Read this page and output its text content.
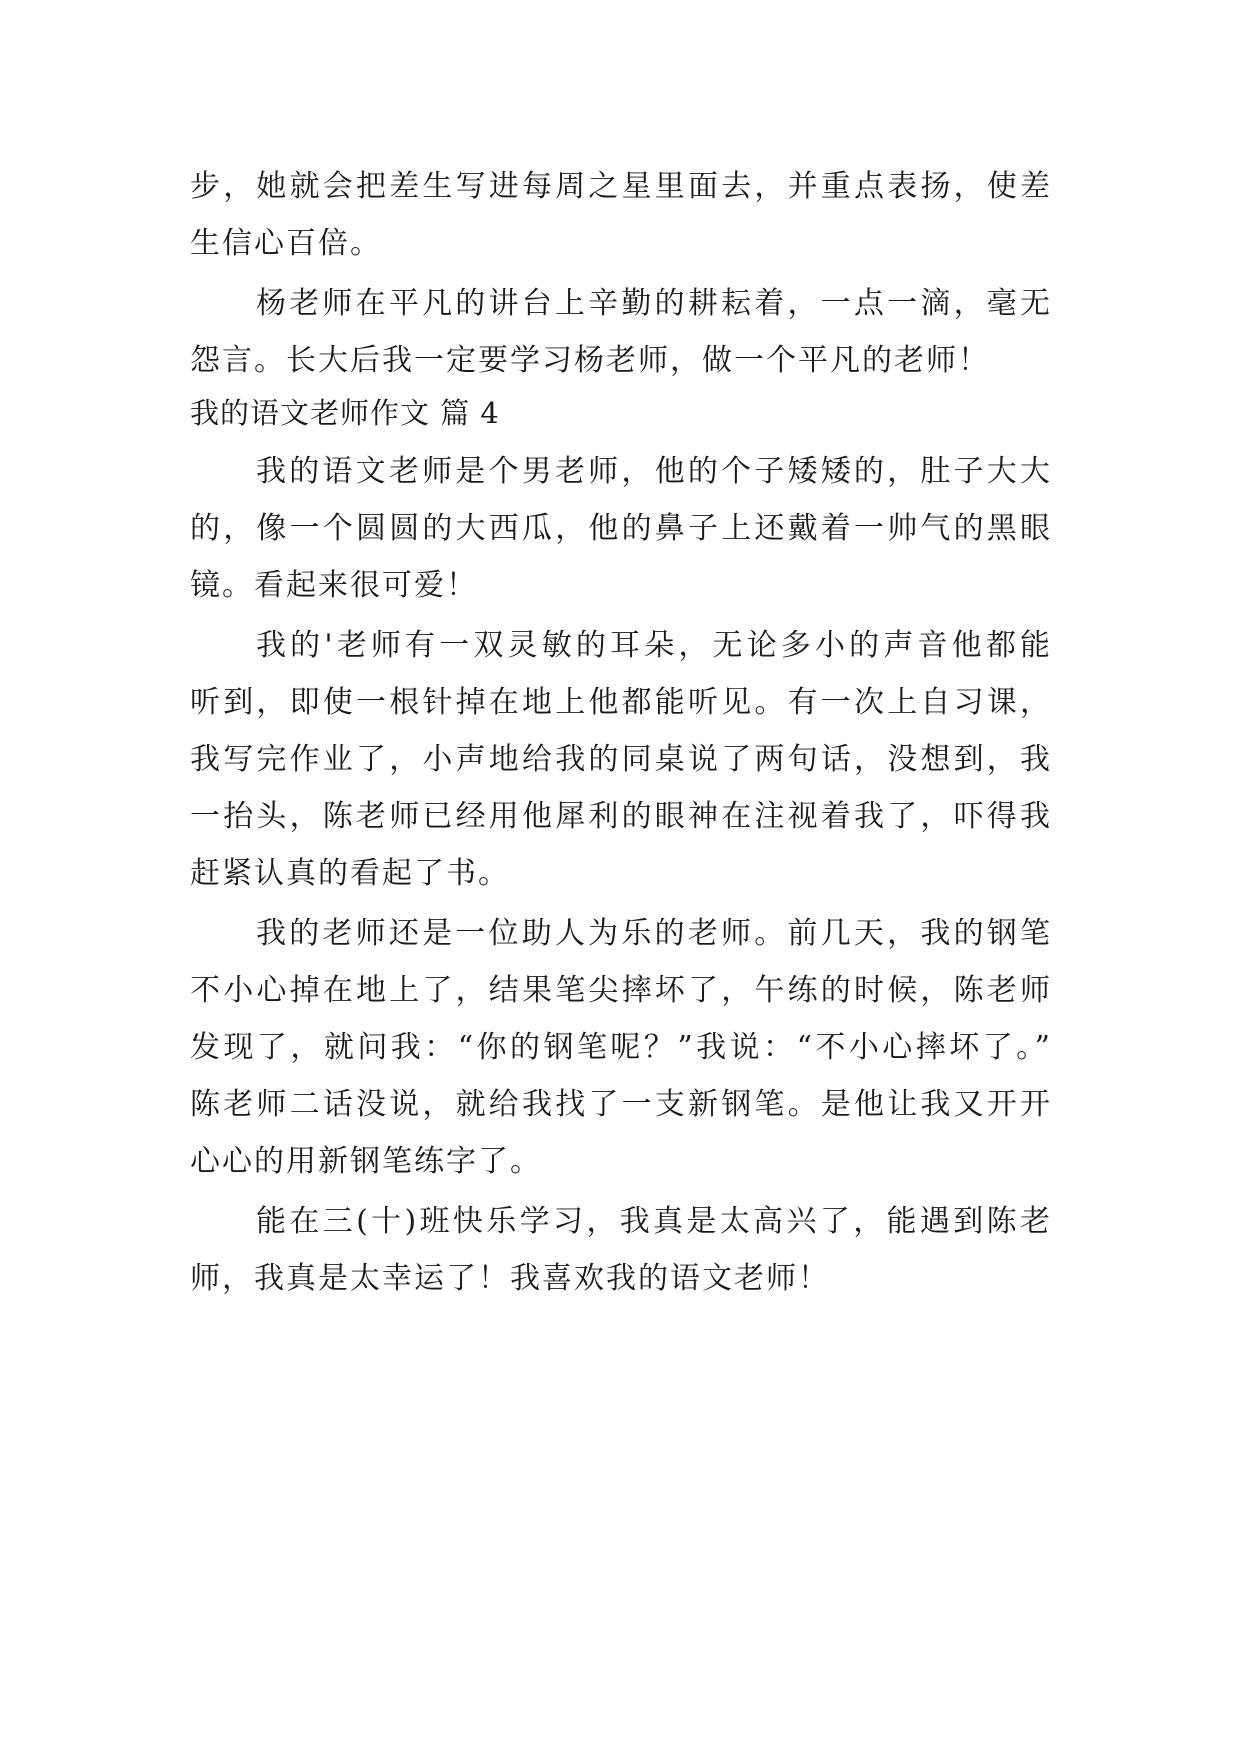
步，她就会把差生写进每周之星里面去，并重点表扬，使差
生信心百倍。
杨老师在平凡的讲台上辛勤的耕耘着，一点一滴，毫无
怨言。长大后我一定要学习杨老师，做一个平凡的老师！
我的语文老师作文 篇 4
我的语文老师是个男老师，他的个子矮矮的，肚子大大
的，像一个圆圆的大西瓜，他的鼻子上还戴着一帅气的黑眼
镜。看起来很可爱！
我的'老师有一双灵敏的耳朵，无论多小的声音他都能
听到，即使一根针掉在地上他都能听见。有一次上自习课，
我写完作业了，小声地给我的同桌说了两句话，没想到，我
一抬头，陈老师已经用他犀利的眼神在注视着我了，吓得我
赶紧认真的看起了书。
我的老师还是一位助人为乐的老师。前几天，我的钢笔
不小心掉在地上了，结果笔尖摔坏了，午练的时候，陈老师
发现了，就问我：“你的钢笔呢？”我说：“不小心摔坏了。”
陈老师二话没说，就给我找了一支新钢笔。是他让我又开开
心心的用新钢笔练字了。
能在三(十)班快乐学习，我真是太高兴了，能遇到陈老
师，我真是太幸运了！我喜欢我的语文老师！
